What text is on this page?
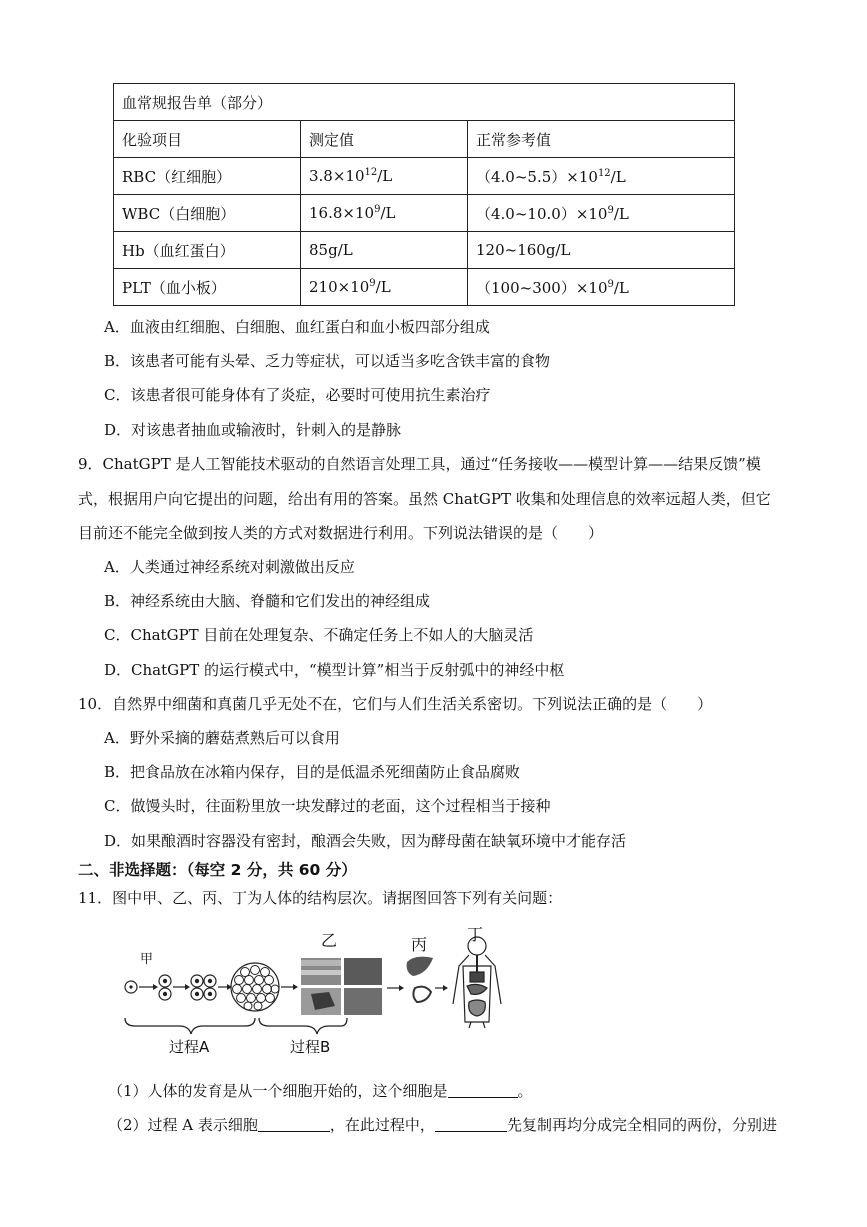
血常规报告单（部分）		
化验项目	测定值	正常参考值
RBC（红细胞）	$3.8\times 10^{12}/L$	$(4.0\sim 5.5)\times 10^{12}/L$
WBC（白细胞）	$16.8\times 10^9/L$	$(4.0\sim 10.0)\times 10^9/L$
Hb（血红蛋白）	85g/L	120~160g/L
PLT（血小板）	$210\times 10^9/L$	$(100\sim 300)\times 10^9/L$
A．血液由红细胞、白细胞、血红蛋白和血小板四部分组成
B．该患者可能有头晕、乏力等症状，可以适当多吃含铁丰富的食物
C．该患者很可能身体有了炎症，必要时可使用抗生素治疗
D．对该患者抽血或输液时，针刺入的是静脉
9．ChatGPT 是人工智能技术驱动的自然语言处理工具，通过“任务接收——模型计算——结果反馈”模
式，根据用户向它提出的问题，给出有用的答案。虽然 ChatGPT 收集和处理信息的效率远超人类，但它
目前还不能完全做到按人类的方式对数据进行利用。下列说法错误的是（　　）
A．人类通过神经系统对刺激做出反应
B．神经系统由大脑、脊髓和它们发出的神经组成
C．ChatGPT 目前在处理复杂、不确定任务上不如人的大脑灵活
D．ChatGPT 的运行模式中，“模型计算”相当于反射弧中的神经中枢
10．自然界中细菌和真菌几乎无处不在，它们与人们生活关系密切。下列说法正确的是（　　）
A．野外采摘的蘑菇煮熟后可以食用
B．把食品放在冰箱内保存，目的是低温杀死细菌防止食品腐败
C．做馒头时，往面粉里放一块发酵过的老面，这个过程相当于接种
D．如果酿酒时容器没有密封，酿酒会失败，因为酵母菌在缺氧环境中才能存活
二、非选择题：（每空 2 分，共 60 分）
11．图中甲、乙、丙、丁为人体的结构层次。请据图回答下列有关问题：
甲
乙	丙
丁
过程A	过程B
（1）人体的发育是从一个细胞开始的，这个细胞是	。
（2）过程 A 表示细胞	，在此过程中，	先复制再均分成完全相同的两份，分别进
